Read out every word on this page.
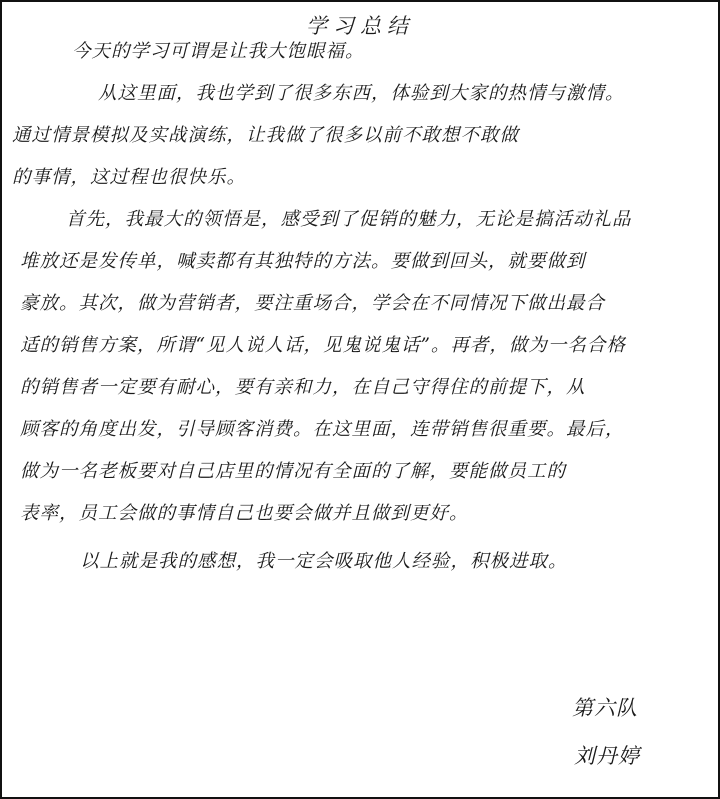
学习总结
今天的学习可谓是让我大饱眼福。
从这里面，我也学到了很多东西，体验到大家的热情与激情。
通过情景模拟及实战演练，让我做了很多以前不敢想不敢做
的事情，这过程也很快乐。
首先，我最大的领悟是，感受到了促销的魅力，无论是搞活动礼品
堆放还是发传单，喊卖都有其独特的方法。要做到回头，就要做到
豪放。其次，做为营销者，要注重场合，学会在不同情况下做出最合
适的销售方案，所谓“见人说人话，见鬼说鬼话”。再者，做为一名合格
的销售者一定要有耐心，要有亲和力，在自己守得住的前提下，从
顾客的角度出发，引导顾客消费。在这里面，连带销售很重要。最后，
做为一名老板要对自己店里的情况有全面的了解，要能做员工的
表率，员工会做的事情自己也要会做并且做到更好。
以上就是我的感想，我一定会吸取他人经验，积极进取。
第六队
刘丹婷
